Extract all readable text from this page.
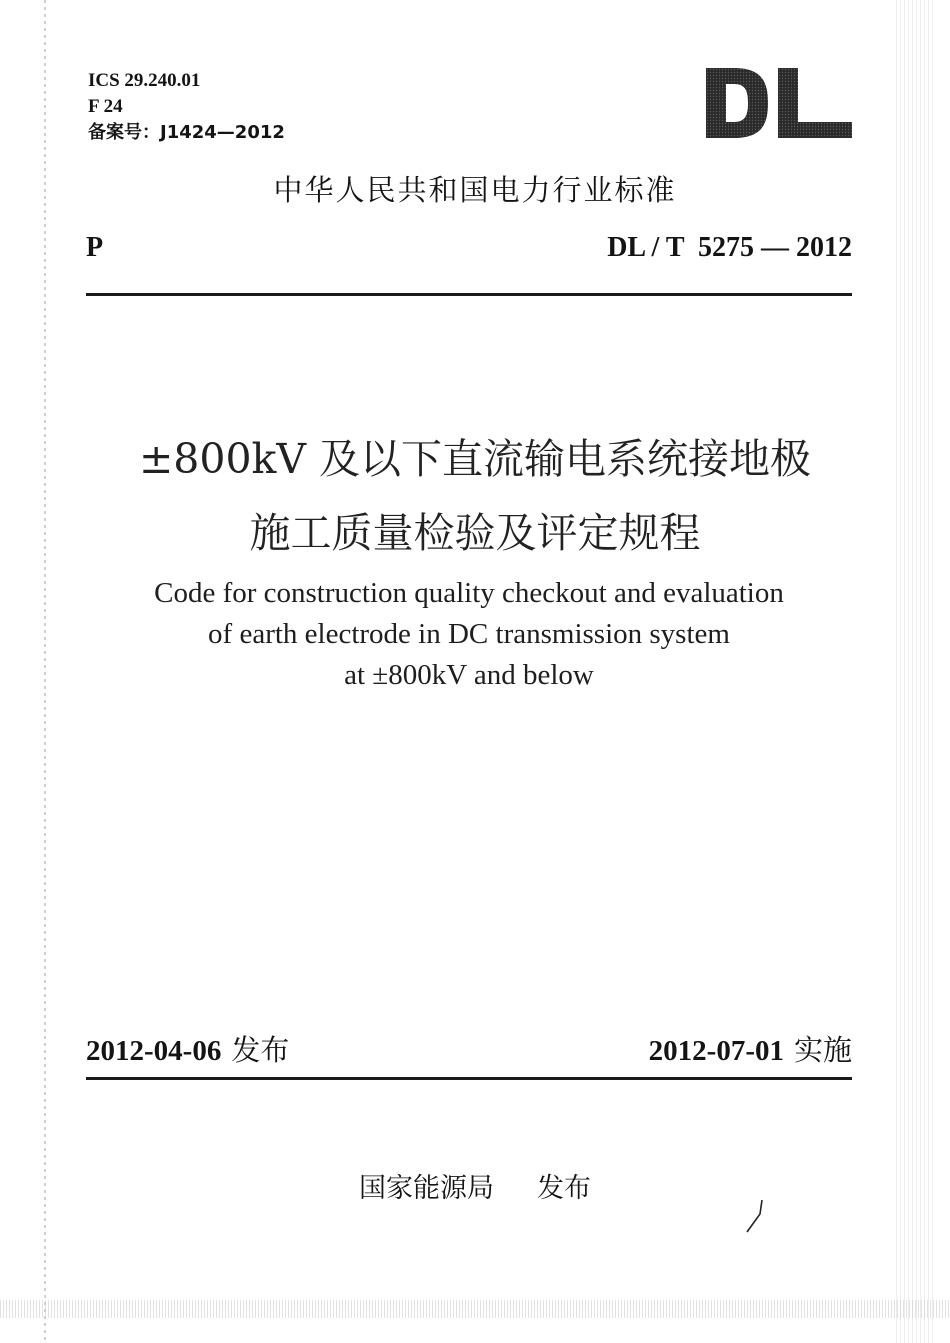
ICS 29.240.01
F 24
备案号：J1424—2012
中华人民共和国电力行业标准
P	DL / T  5275 — 2012
±800kV 及以下直流输电系统接地极
施工质量检验及评定规程
Code for construction quality checkout and evaluation
of earth electrode in DC transmission system
at ±800kV and below
2012-04-06 发布	2012-07-01 实施
国家能源局     发布
